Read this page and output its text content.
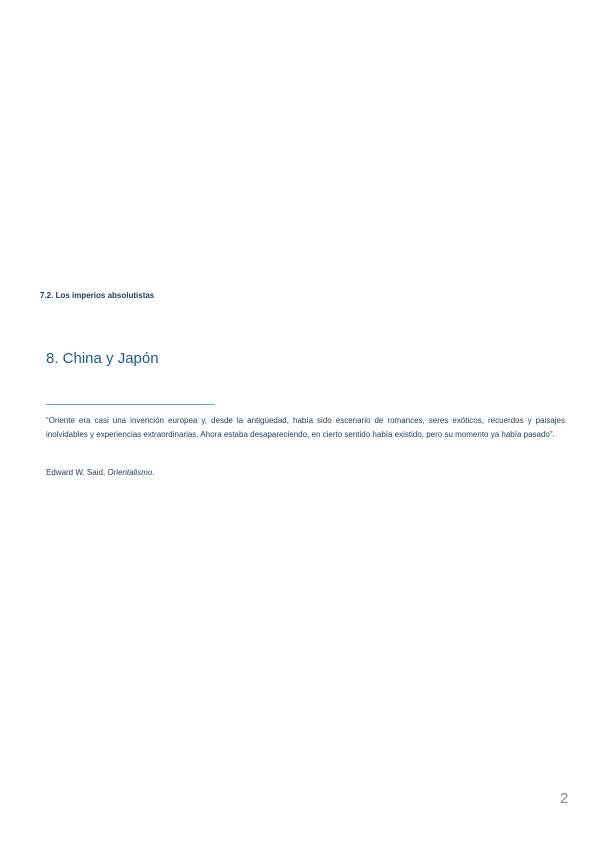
7.2. Los imperios absolutistas
8. China y Japón
“Oriente era casi una invención europea y, desde la antigüedad, había sido escenario de romances, seres exóticos, recuerdos y paisajes inolvidables y experiencias extraordinarias. Ahora estaba desapareciendo, en cierto sentido había existido, pero su momento ya había pasado”.
Edward W. Said, Orientalismo.
2
